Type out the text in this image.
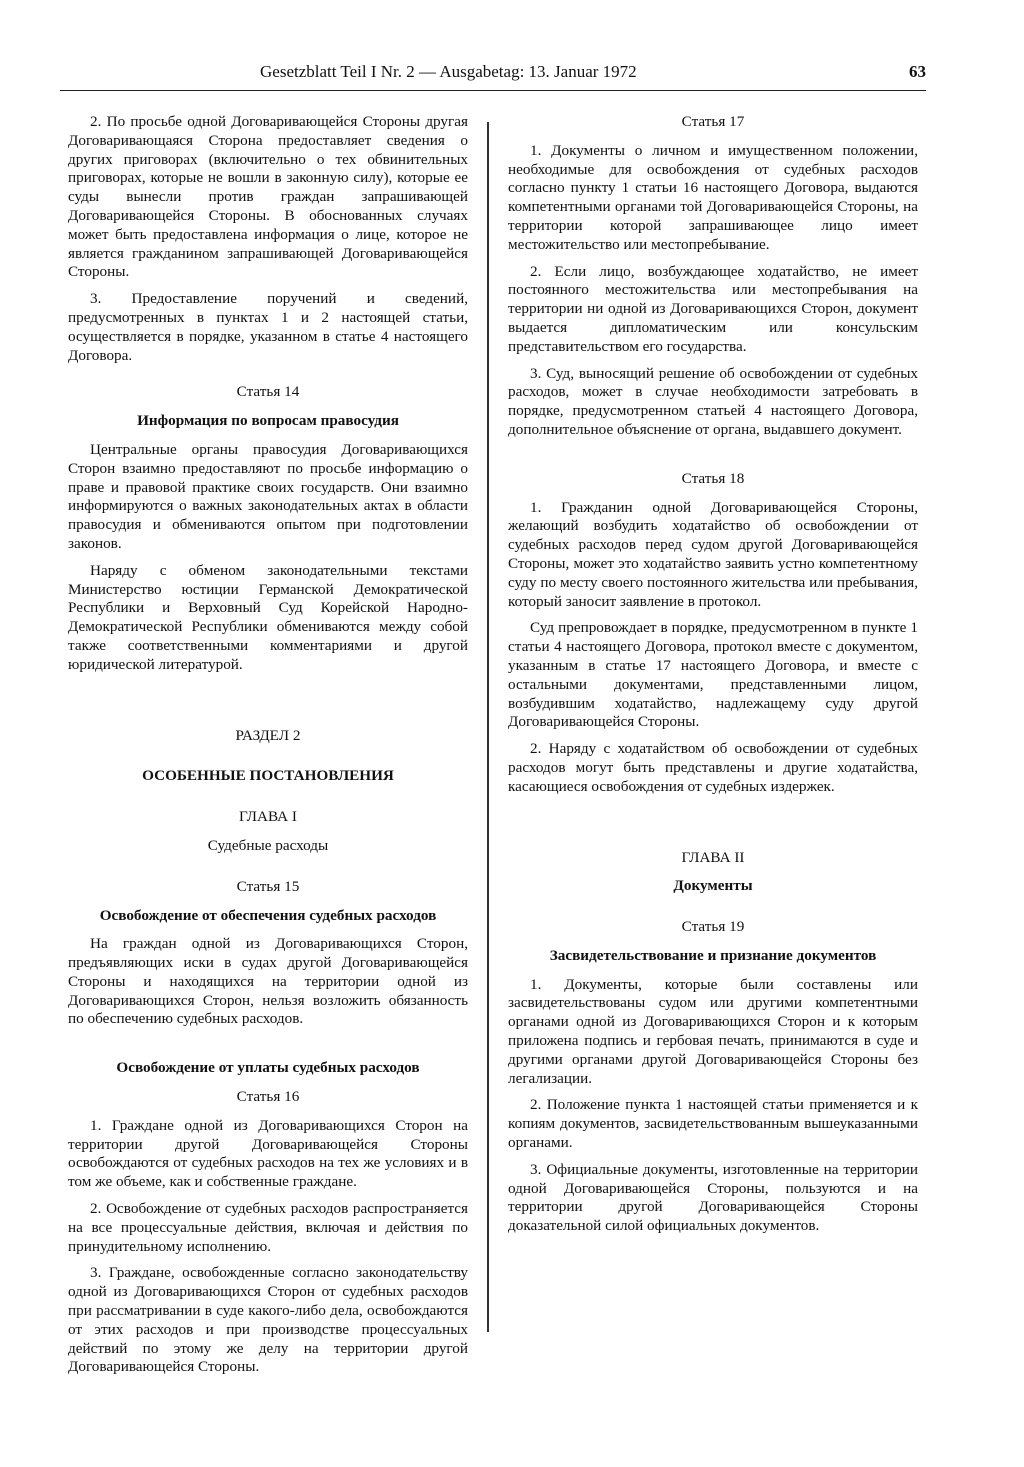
Gesetzblatt Teil I Nr. 2 — Ausgabetag: 13. Januar 1972	63

2. По просьбе одной Договаривающейся Стороны другая Договаривающаяся Сторона предоставляет сведения о других приговорах (включительно о тех обвинительных приговорах, которые не вошли в законную силу), которые ее суды вынесли против граждан запрашивающей Договаривающейся Стороны. В обоснованных случаях может быть предоставлена информация о лице, которое не является гражданином запрашивающей Договаривающейся Стороны.

3. Предоставление поручений и сведений, предусмотренных в пунктах 1 и 2 настоящей статьи, осуществляется в порядке, указанном в статье 4 настоящего Договора.

Статья 14

Информация по вопросам правосудия

Центральные органы правосудия Договаривающихся Сторон взаимно предоставляют по просьбе информацию о праве и правовой практике своих государств. Они взаимно информируются о важных законодательных актах в области правосудия и обмениваются опытом при подготовлении законов.

Наряду с обменом законодательными текстами Министерство юстиции Германской Демократической Республики и Верховный Суд Корейской Народно-Демократической Республики обмениваются между собой также соответственными комментариями и другой юридической литературой.

РАЗДЕЛ 2

ОСОБЕННЫЕ ПОСТАНОВЛЕНИЯ

ГЛАВА I

Судебные расходы

Статья 15

Освобождение от обеспечения судебных расходов

На граждан одной из Договаривающихся Сторон, предъявляющих иски в судах другой Договаривающейся Стороны и находящихся на территории одной из Договаривающихся Сторон, нельзя возложить обязанность по обеспечению судебных расходов.

Освобождение от уплаты судебных расходов

Статья 16

1. Граждане одной из Договаривающихся Сторон на территории другой Договаривающейся Стороны освобождаются от судебных расходов на тех же условиях и в том же объеме, как и собственные граждане.

2. Освобождение от судебных расходов распространяется на все процессуальные действия, включая и действия по принудительному исполнению.

3. Граждане, освобожденные согласно законодательству одной из Договаривающихся Сторон от судебных расходов при рассматривании в суде какого-либо дела, освобождаются от этих расходов и при производстве процессуальных действий по этому же делу на территории другой Договаривающейся Стороны.

Статья 17

1. Документы о личном и имущественном положении, необходимые для освобождения от судебных расходов согласно пункту 1 статьи 16 настоящего Договора, выдаются компетентными органами той Договаривающейся Стороны, на территории которой запрашивающее лицо имеет местожительство или местопребывание.

2. Если лицо, возбуждающее ходатайство, не имеет постоянного местожительства или местопребывания на территории ни одной из Договаривающихся Сторон, документ выдается дипломатическим или консульским представительством его государства.

3. Суд, выносящий решение об освобождении от судебных расходов, может в случае необходимости затребовать в порядке, предусмотренном статьей 4 настоящего Договора, дополнительное объяснение от органа, выдавшего документ.

Статья 18

1. Гражданин одной Договаривающейся Стороны, желающий возбудить ходатайство об освобождении от судебных расходов перед судом другой Договаривающейся Стороны, может это ходатайство заявить устно компетентному суду по месту своего постоянного жительства или пребывания, который заносит заявление в протокол.

Суд препровождает в порядке, предусмотренном в пункте 1 статьи 4 настоящего Договора, протокол вместе с документом, указанным в статье 17 настоящего Договора, и вместе с остальными документами, представленными лицом, возбудившим ходатайство, надлежащему суду другой Договаривающейся Стороны.

2. Наряду с ходатайством об освобождении от судебных расходов могут быть представлены и другие ходатайства, касающиеся освобождения от судебных издержек.

ГЛАВА II

Документы

Статья 19

Засвидетельствование и признание документов

1. Документы, которые были составлены или засвидетельствованы судом или другими компетентными органами одной из Договаривающихся Сторон и к которым приложена подпись и гербовая печать, принимаются в суде и другими органами другой Договаривающейся Стороны без легализации.

2. Положение пункта 1 настоящей статьи применяется и к копиям документов, засвидетельствованным вышеуказанными органами.

3. Официальные документы, изготовленные на территории одной Договаривающейся Стороны, пользуются и на территории другой Договаривающейся Стороны доказательной силой официальных документов.
